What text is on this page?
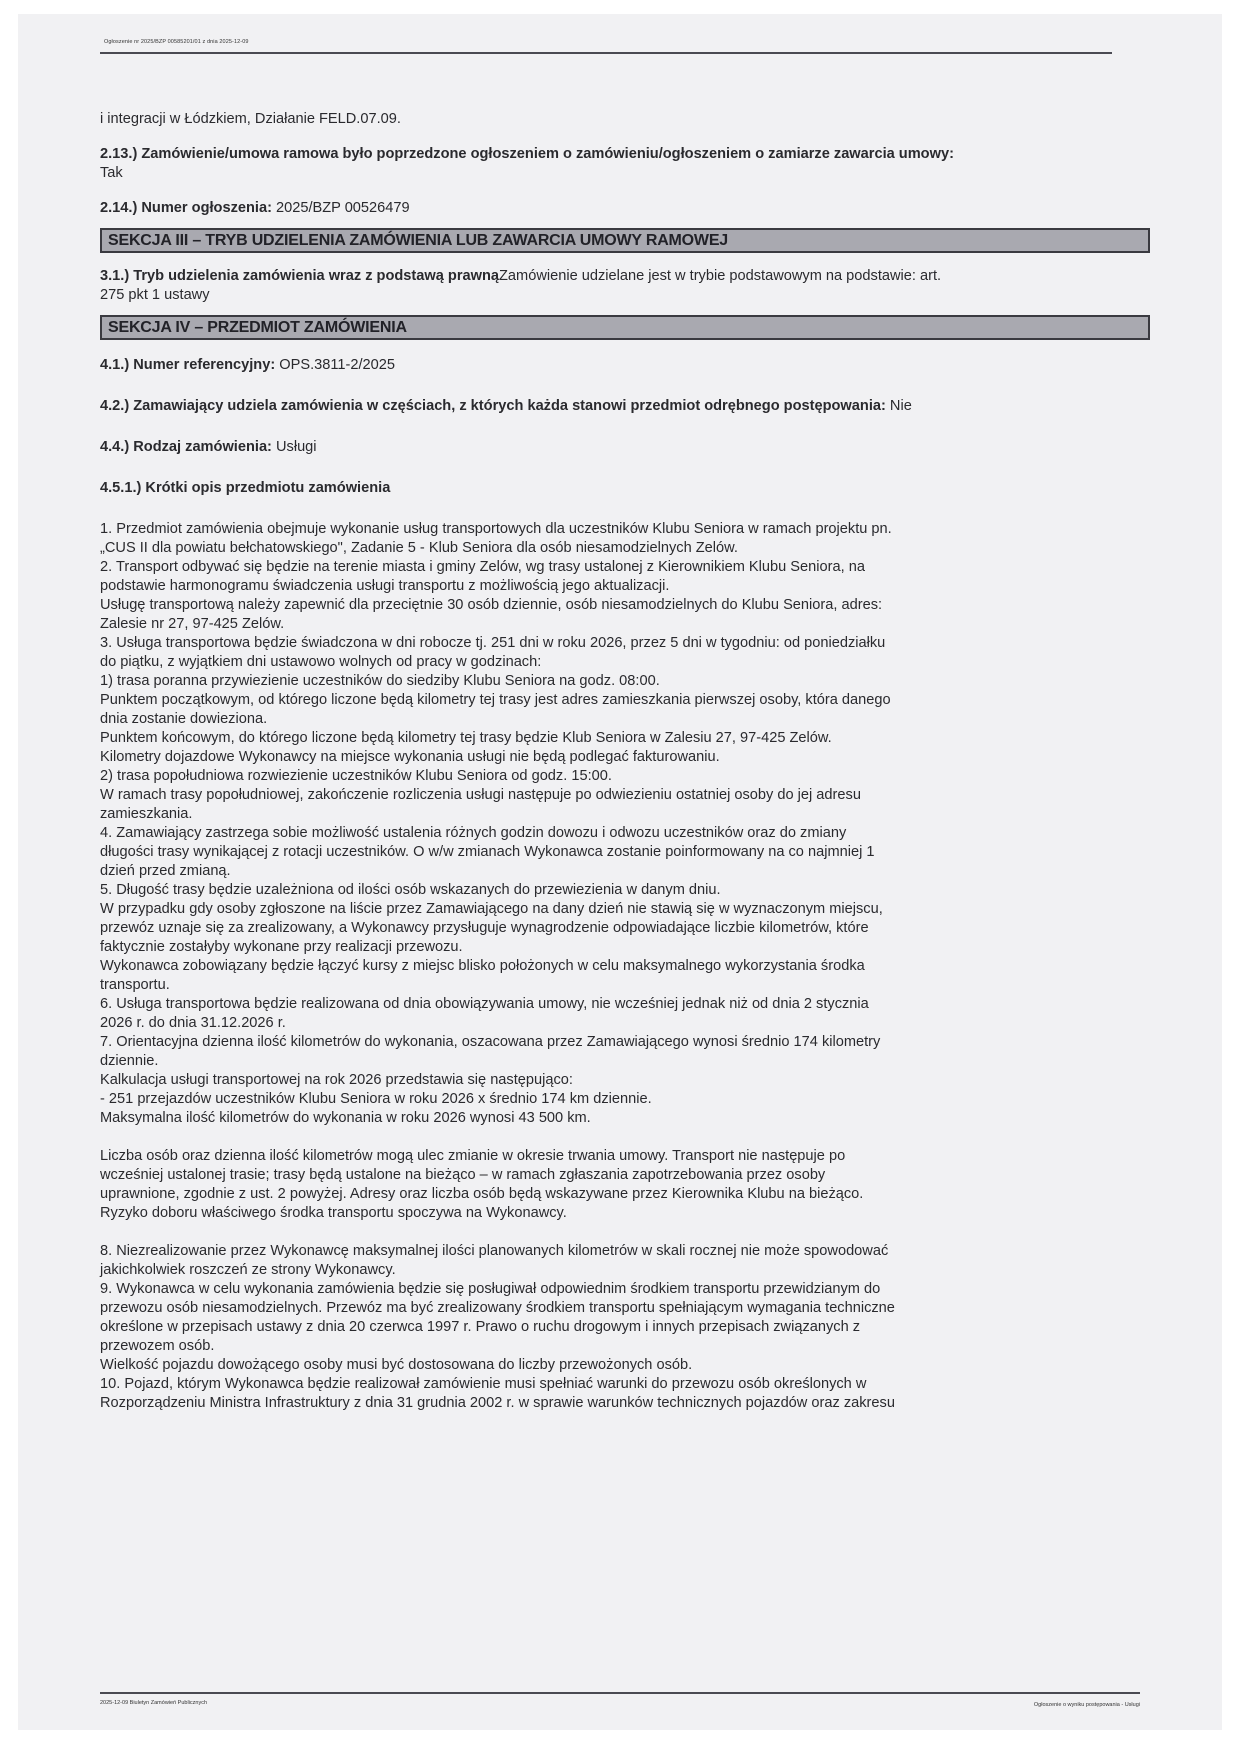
Ogłoszenie nr 2025/BZP 00585201/01 z dnia 2025-12-09

i integracji w Łódzkiem, Działanie FELD.07.09.

2.13.) Zamówienie/umowa ramowa było poprzedzone ogłoszeniem o zamówieniu/ogłoszeniem o zamiarze zawarcia umowy:
Tak

2.14.) Numer ogłoszenia: 2025/BZP 00526479

SEKCJA III – TRYB UDZIELENIA ZAMÓWIENIA LUB ZAWARCIA UMOWY RAMOWEJ

3.1.) Tryb udzielenia zamówienia wraz z podstawą prawnąZamówienie udzielane jest w trybie podstawowym na podstawie: art.
275 pkt 1 ustawy

SEKCJA IV – PRZEDMIOT ZAMÓWIENIA

4.1.) Numer referencyjny: OPS.3811-2/2025

4.2.) Zamawiający udziela zamówienia w częściach, z których każda stanowi przedmiot odrębnego postępowania: Nie

4.4.) Rodzaj zamówienia: Usługi

4.5.1.) Krótki opis przedmiotu zamówienia

1. Przedmiot zamówienia obejmuje wykonanie usług transportowych dla uczestników Klubu Seniora w ramach projektu pn.

„CUS II dla powiatu bełchatowskiego", Zadanie 5 - Klub Seniora dla osób niesamodzielnych Zelów.

2. Transport odbywać się będzie na terenie miasta i gminy Zelów, wg trasy ustalonej z Kierownikiem Klubu Seniora, na

podstawie harmonogramu świadczenia usługi transportu z możliwością jego aktualizacji.

Usługę transportową należy zapewnić dla przeciętnie 30 osób dziennie, osób niesamodzielnych do Klubu Seniora, adres:

Zalesie nr 27, 97-425 Zelów.

3. Usługa transportowa będzie świadczona w dni robocze tj. 251 dni w roku 2026, przez 5 dni w tygodniu: od poniedziałku

do piątku, z wyjątkiem dni ustawowo wolnych od pracy w godzinach:

1) trasa poranna przywiezienie uczestników do siedziby Klubu Seniora na godz. 08:00.

Punktem początkowym, od którego liczone będą kilometry tej trasy jest adres zamieszkania pierwszej osoby, która danego

dnia zostanie dowieziona.

Punktem końcowym, do którego liczone będą kilometry tej trasy będzie Klub Seniora w Zalesiu 27, 97-425 Zelów.

Kilometry dojazdowe Wykonawcy na miejsce wykonania usługi nie będą podlegać fakturowaniu.

2) trasa popołudniowa rozwiezienie uczestników Klubu Seniora od godz. 15:00.

W ramach trasy popołudniowej, zakończenie rozliczenia usługi następuje po odwiezieniu ostatniej osoby do jej adresu

zamieszkania.

4. Zamawiający zastrzega sobie możliwość ustalenia różnych godzin dowozu i odwozu uczestników oraz do zmiany

długości trasy wynikającej z rotacji uczestników. O w/w zmianach Wykonawca zostanie poinformowany na co najmniej 1

dzień przed zmianą.

5. Długość trasy będzie uzależniona od ilości osób wskazanych do przewiezienia w danym dniu.

W przypadku gdy osoby zgłoszone na liście przez Zamawiającego na dany dzień nie stawią się w wyznaczonym miejscu,

przewóz uznaje się za zrealizowany, a Wykonawcy przysługuje wynagrodzenie odpowiadające liczbie kilometrów, które

faktycznie zostałyby wykonane przy realizacji przewozu.

Wykonawca zobowiązany będzie łączyć kursy z miejsc blisko położonych w celu maksymalnego wykorzystania środka

transportu.

6. Usługa transportowa będzie realizowana od dnia obowiązywania umowy, nie wcześniej jednak niż od dnia 2 stycznia

2026 r. do dnia 31.12.2026 r.

7. Orientacyjna dzienna ilość kilometrów do wykonania, oszacowana przez Zamawiającego wynosi średnio 174 kilometry

dziennie.

Kalkulacja usługi transportowej na rok 2026 przedstawia się następująco:

- 251 przejazdów uczestników Klubu Seniora w roku 2026 x średnio 174 km dziennie.

Maksymalna ilość kilometrów do wykonania w roku 2026 wynosi 43 500 km.

Liczba osób oraz dzienna ilość kilometrów mogą ulec zmianie w okresie trwania umowy. Transport nie następuje po

wcześniej ustalonej trasie; trasy będą ustalone na bieżąco – w ramach zgłaszania zapotrzebowania przez osoby

uprawnione, zgodnie z ust. 2 powyżej. Adresy oraz liczba osób będą wskazywane przez Kierownika Klubu na bieżąco.

Ryzyko doboru właściwego środka transportu spoczywa na Wykonawcy.

8. Niezrealizowanie przez Wykonawcę maksymalnej ilości planowanych kilometrów w skali rocznej nie może spowodować

jakichkolwiek roszczeń ze strony Wykonawcy.

9. Wykonawca w celu wykonania zamówienia będzie się posługiwał odpowiednim środkiem transportu przewidzianym do

przewozu osób niesamodzielnych. Przewóz ma być zrealizowany środkiem transportu spełniającym wymagania techniczne

określone w przepisach ustawy z dnia 20 czerwca 1997 r. Prawo o ruchu drogowym i innych przepisach związanych z

przewozem osób.

Wielkość pojazdu dowożącego osoby musi być dostosowana do liczby przewożonych osób.

10. Pojazd, którym Wykonawca będzie realizował zamówienie musi spełniać warunki do przewozu osób określonych w

Rozporządzeniu Ministra Infrastruktury z dnia 31 grudnia 2002 r. w sprawie warunków technicznych pojazdów oraz zakresu

2025-12-09 Biuletyn Zamówień Publicznych	Ogłoszenie o wyniku postępowania - Usługi
